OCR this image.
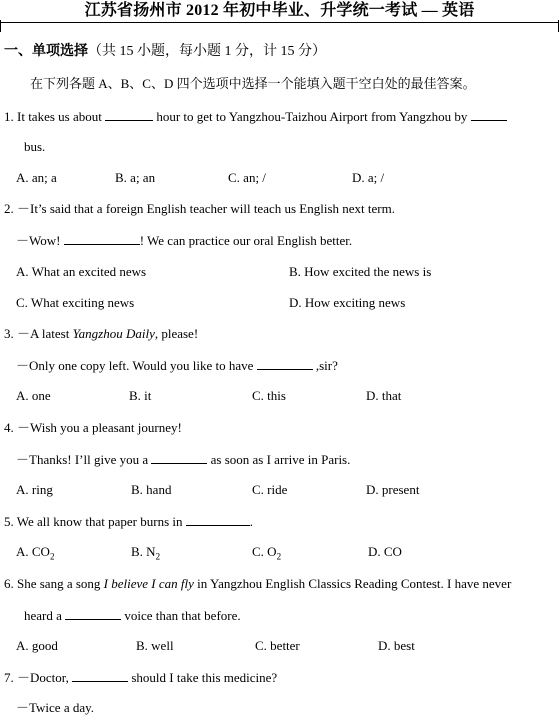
江苏省扬州市 2012 年初中毕业、升学统一考试 — 英语
一、单项选择（共 15 小题，每小题 1 分，计 15 分）
在下列各题 A、B、C、D 四个选项中选择一个能填入题干空白处的最佳答案。
1. It takes us about	hour to get to Yangzhou-Taizhou Airport from Yangzhou by
bus.
A. an; a	B. a; an	C. an; /	D. a; /
2. －It’s said that a foreign English teacher will teach us English next term.
－Wow!	! We can practice our oral English better.
A. What an excited news	B. How excited the news is
C. What exciting news	D. How exciting news
3. －A latest Yangzhou Daily, please!
－Only one copy left. Would you like to have	,sir?
A. one	B. it	C. this	D. that
4. －Wish you a pleasant journey!
－Thanks! I’ll give you a	as soon as I arrive in Paris.
A. ring	B. hand	C. ride	D. present
5. We all know that paper burns in	.
A. $CO_2$	B. $N_2$	C. $O_2$	D. CO
6. She sang a song I believe I can fly in Yangzhou English Classics Reading Contest. I have never
heard a	voice than that before.
A. good	B. well	C. better	D. best
7. －Doctor,	should I take this medicine?
－Twice a day.
